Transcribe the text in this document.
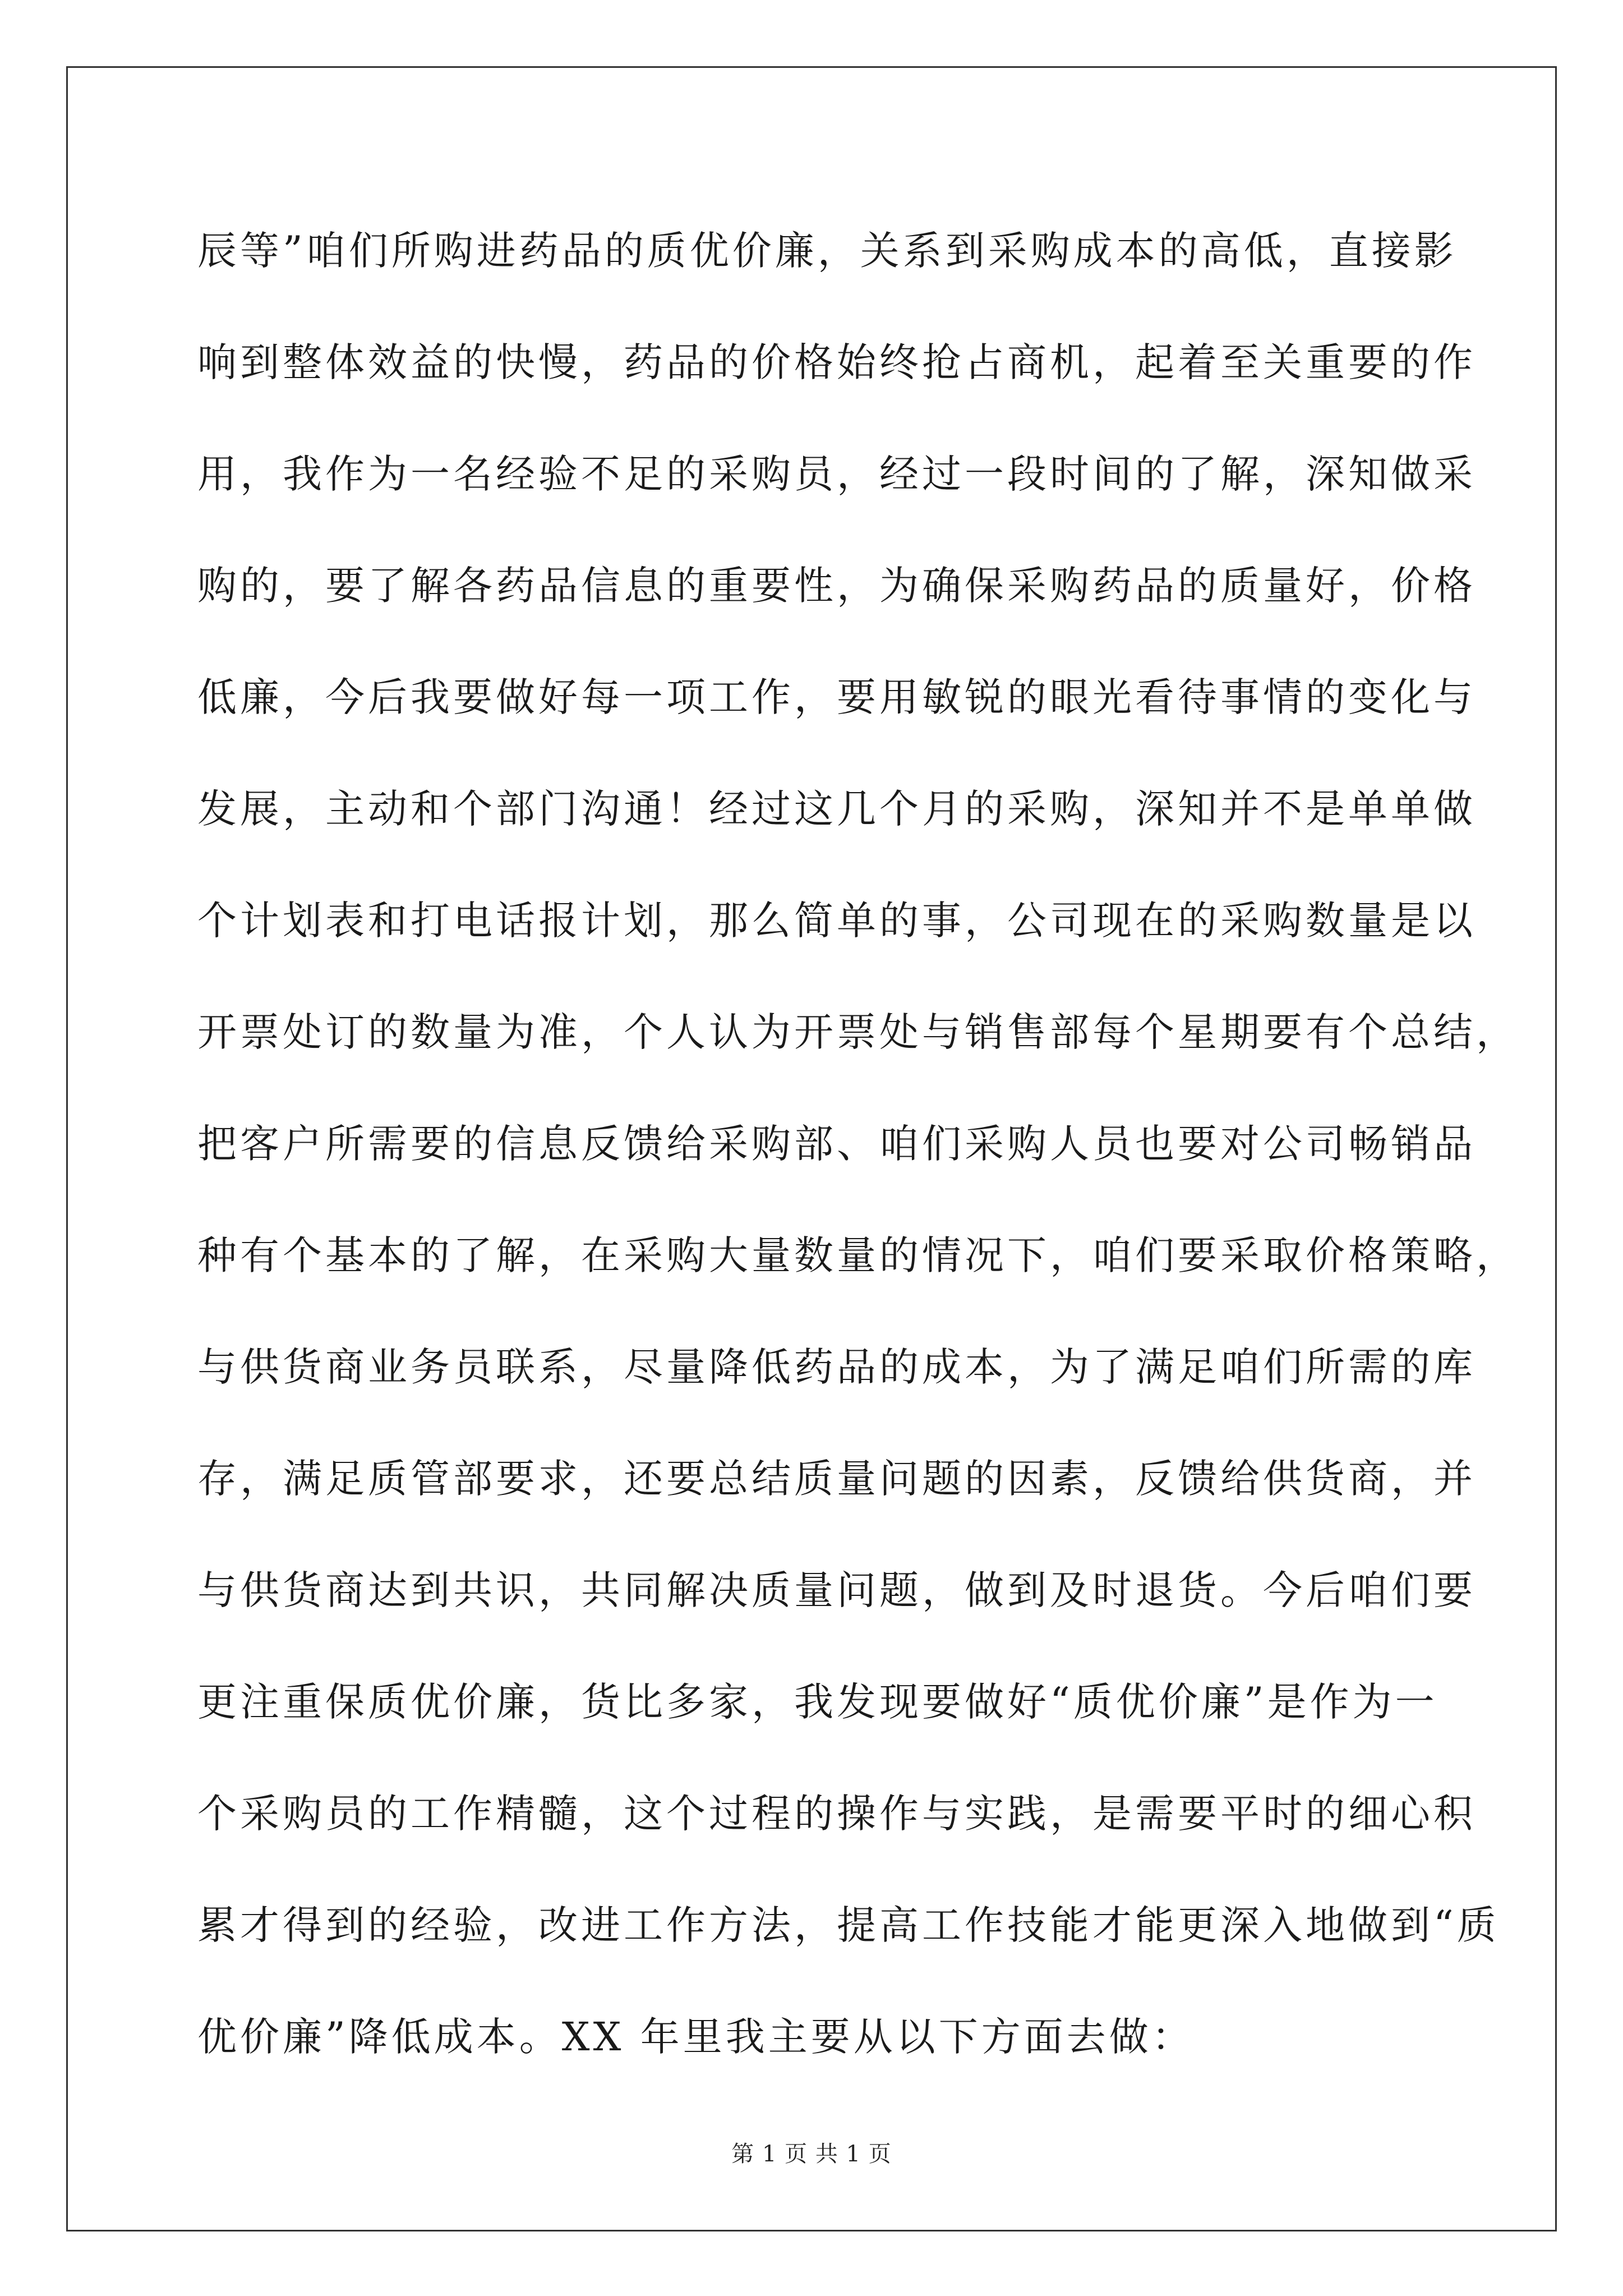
辰等”咱们所购进药品的质优价廉，关系到采购成本的高低，直接影
响到整体效益的快慢，药品的价格始终抢占商机，起着至关重要的作
用，我作为一名经验不足的采购员，经过一段时间的了解，深知做采
购的，要了解各药品信息的重要性，为确保采购药品的质量好，价格
低廉，今后我要做好每一项工作，要用敏锐的眼光看待事情的变化与
发展，主动和个部门沟通！经过这几个月的采购，深知并不是单单做
个计划表和打电话报计划，那么简单的事，公司现在的采购数量是以
开票处订的数量为准，个人认为开票处与销售部每个星期要有个总结，
把客户所需要的信息反馈给采购部、咱们采购人员也要对公司畅销品
种有个基本的了解，在采购大量数量的情况下，咱们要采取价格策略，
与供货商业务员联系，尽量降低药品的成本，为了满足咱们所需的库
存，满足质管部要求，还要总结质量问题的因素，反馈给供货商，并
与供货商达到共识，共同解决质量问题，做到及时退货。今后咱们要
更注重保质优价廉，货比多家，我发现要做好“质优价廉”是作为一
个采购员的工作精髓，这个过程的操作与实践，是需要平时的细心积
累才得到的经验，改进工作方法，提高工作技能才能更深入地做到“质
优价廉”降低成本。XX 年里我主要从以下方面去做：
第 1 页 共 1 页
